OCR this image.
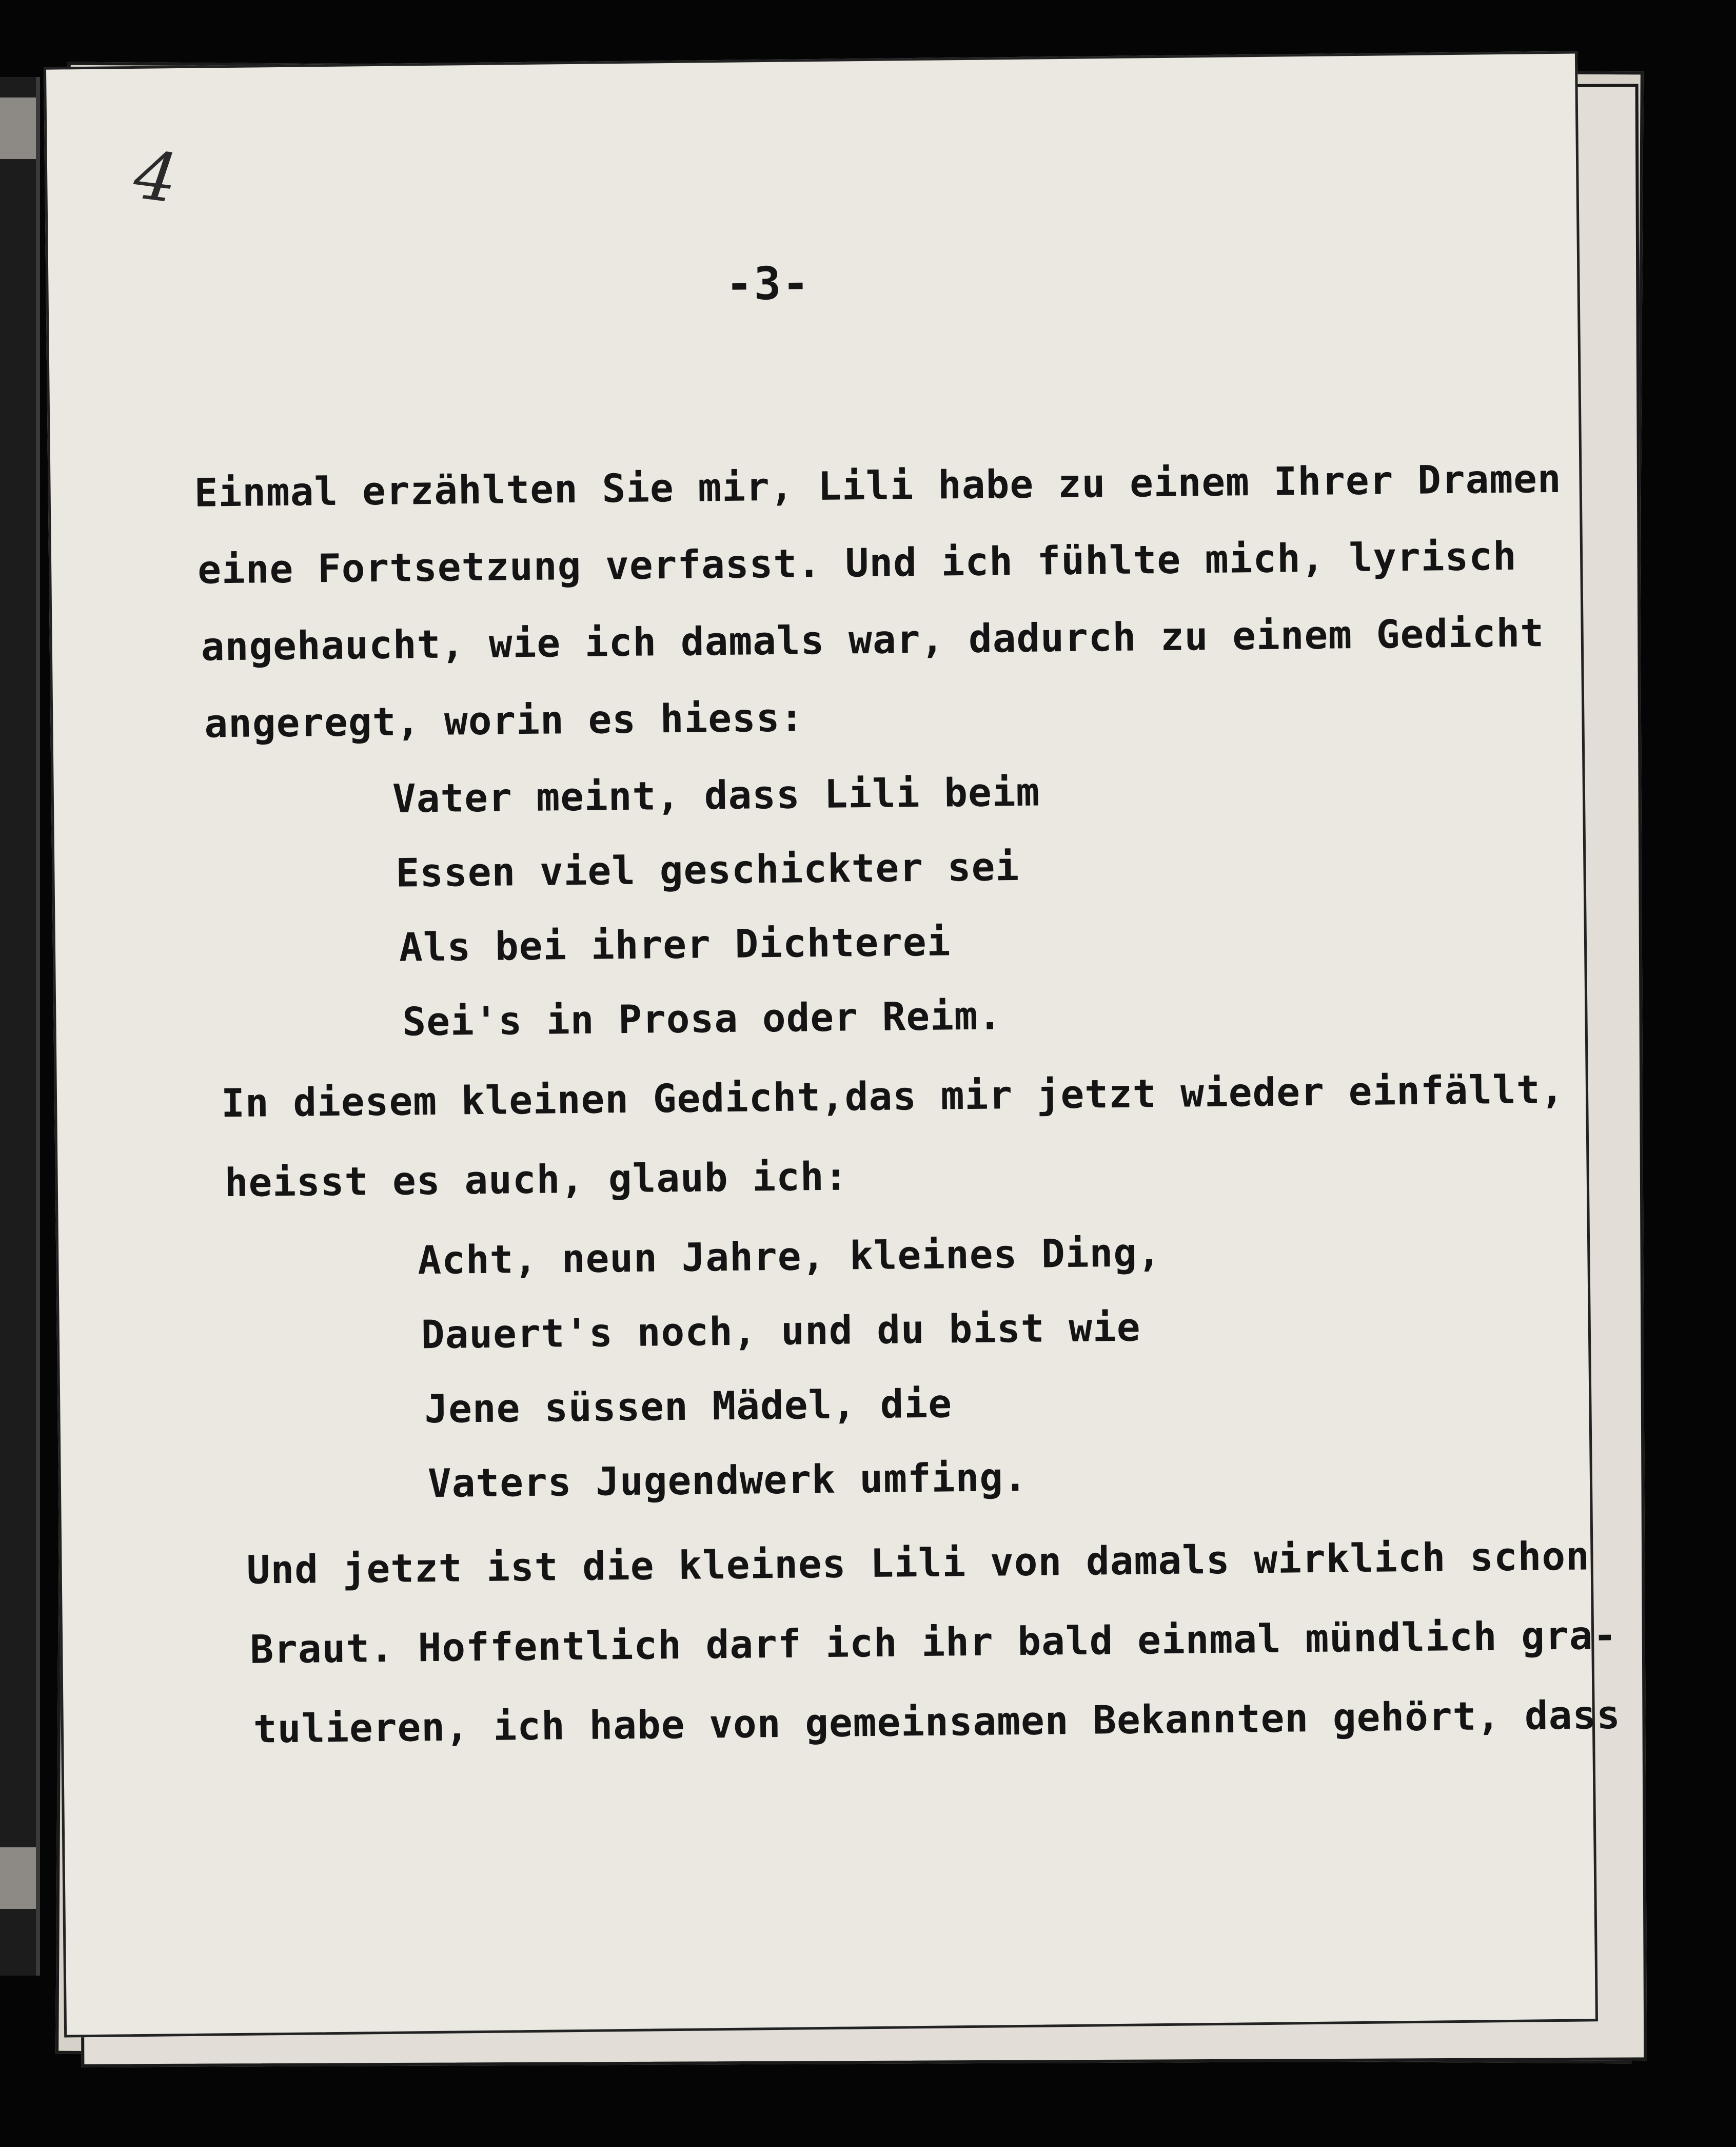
4
-3-
Einmal erzählten Sie mir, Lili habe zu einem Ihrer Dramen
eine Fortsetzung verfasst. Und ich fühlte mich, lyrisch
angehaucht, wie ich damals war, dadurch zu einem Gedicht
angeregt, worin es hiess:
Vater meint, dass Lili beim
Essen viel geschickter sei
Als bei ihrer Dichterei
Sei's in Prosa oder Reim.
In diesem kleinen Gedicht,das mir jetzt wieder einfällt,
heisst es auch, glaub ich:
Acht, neun Jahre, kleines Ding,
Dauert's noch, und du bist wie
Jene süssen Mädel, die
Vaters Jugendwerk umfing.
Und jetzt ist die kleines Lili von damals wirklich schon
Braut. Hoffentlich darf ich ihr bald einmal mündlich gra-
tulieren, ich habe von gemeinsamen Bekannten gehört, dass
